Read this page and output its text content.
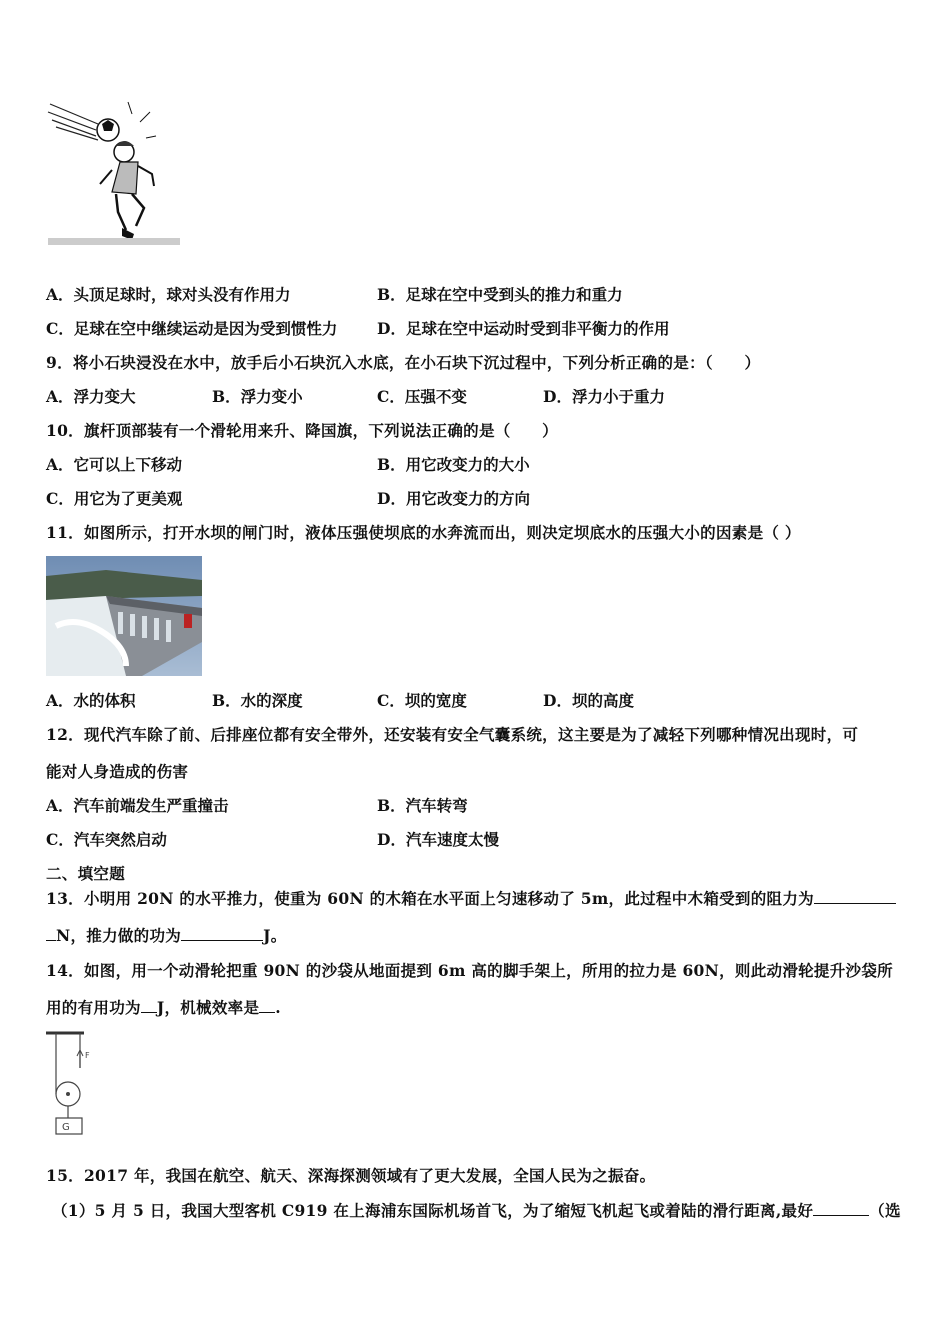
A．头顶足球时，球对头没有作用力	B．足球在空中受到头的推力和重力
C．足球在空中继续运动是因为受到惯性力	D．足球在空中运动时受到非平衡力的作用
9．将小石块浸没在水中，放手后小石块沉入水底，在小石块下沉过程中，下列分析正确的是：（　　）
A．浮力变大	B．浮力变小	C．压强不变	D．浮力小于重力
10．旗杆顶部装有一个滑轮用来升、降国旗，下列说法正确的是（　　）
A．它可以上下移动	B．用它改变力的大小
C．用它为了更美观	D．用它改变力的方向
11．如图所示，打开水坝的闸门时，液体压强使坝底的水奔流而出，则决定坝底水的压强大小的因素是（ ）
A．水的体积	B．水的深度	C．坝的宽度	D．坝的高度
12．现代汽车除了前、后排座位都有安全带外，还安装有安全气囊系统，这主要是为了减轻下列哪种情况出现时，可
能对人身造成的伤害
A．汽车前端发生严重撞击	B．汽车转弯
C．汽车突然启动	D．汽车速度太慢
二、填空题
13．小明用 20N 的水平推力，使重为 60N 的木箱在水平面上匀速移动了 5m，此过程中木箱受到的阻力为
N，推力做的功为	J。
14．如图，用一个动滑轮把重 90N 的沙袋从地面提到 6m 高的脚手架上，所用的拉力是 60N，则此动滑轮提升沙袋所
用的有用功为 J，机械效率是 .
F
G
15．2017 年，我国在航空、航天、深海探测领域有了更大发展，全国人民为之振奋。
（1）5 月 5 日，我国大型客机 C919 在上海浦东国际机场首飞，为了缩短飞机起飞或着陆的滑行距离,最好	（选
